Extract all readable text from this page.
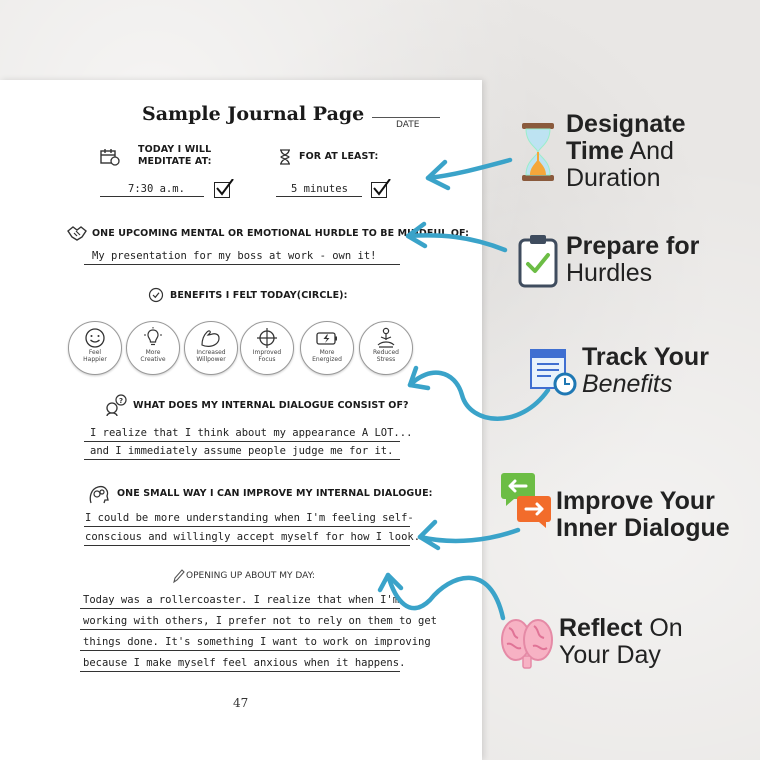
Sample Journal Page	DATE
TODAY I WILL
MEDITATE AT:	FOR AT LEAST:
7:30 a.m.	5 minutes
ONE UPCOMING MENTAL OR EMOTIONAL HURDLE TO BE MINDFUL OF:
My presentation for my boss at work - own it!
BENEFITS I FELT TODAY(CIRCLE):
Feel
Happier
More
Creative
Increased
Willpower
Improved
Focus
More
Energized
Reduced
Stress
? WHAT DOES MY INTERNAL DIALOGUE CONSIST OF?
I realize that I think about my appearance A LOT...
and I immediately assume people judge me for it.
ONE SMALL WAY I CAN IMPROVE MY INTERNAL DIALOGUE:
I could be more understanding when I'm feeling self-
conscious and willingly accept myself for how I look.
OPENING UP ABOUT MY DAY:
Today was a rollercoaster. I realize that when I'm
working with others, I prefer not to rely on them to get
things done. It's something I want to work on improving
because I make myself feel anxious when it happens.
47
Designate
Time And
Duration
Prepare for
Hurdles
Track Your
Benefits
Improve Your
Inner Dialogue
Reflect On
Your Day
